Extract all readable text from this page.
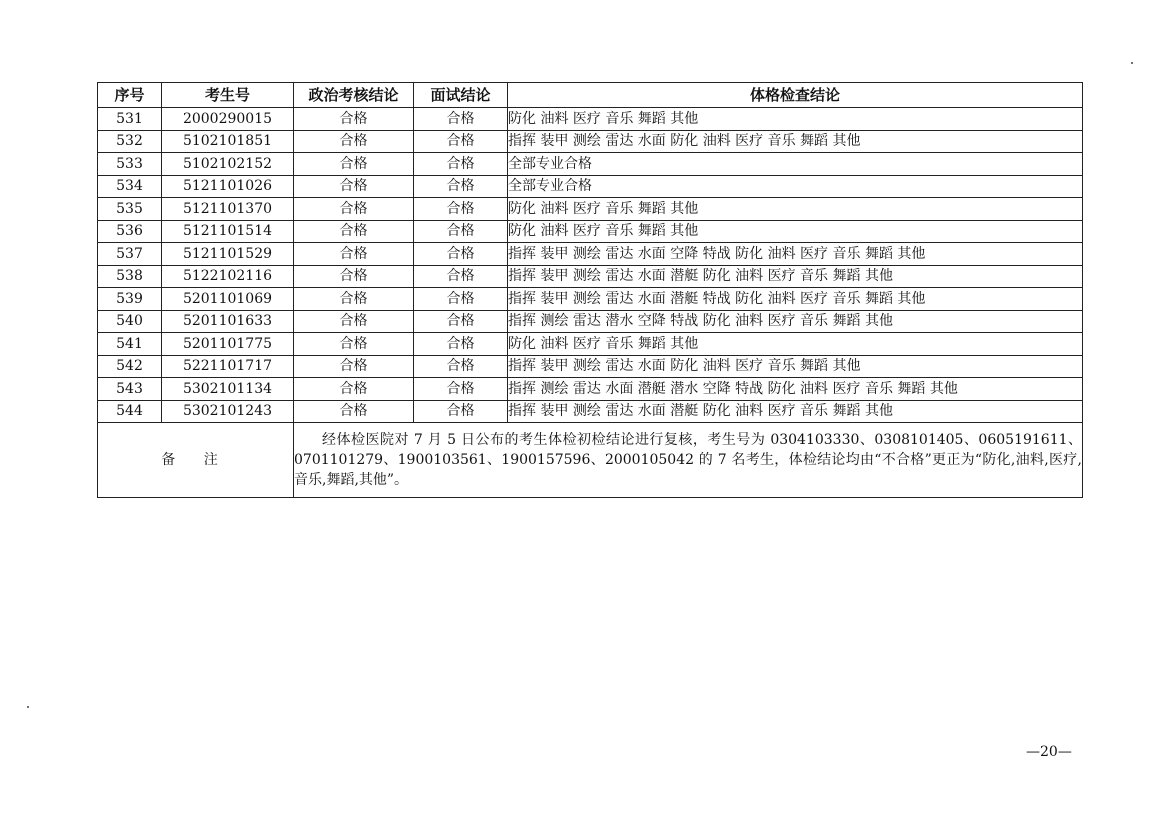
序号	考生号	政治考核结论	面试结论	体格检查结论
531	2000290015	合格	合格	防化 油料 医疗 音乐 舞蹈 其他
532	5102101851	合格	合格	指挥 装甲 测绘 雷达 水面 防化 油料 医疗 音乐 舞蹈 其他
533	5102102152	合格	合格	全部专业合格
534	5121101026	合格	合格	全部专业合格
535	5121101370	合格	合格	防化 油料 医疗 音乐 舞蹈 其他
536	5121101514	合格	合格	防化 油料 医疗 音乐 舞蹈 其他
537	5121101529	合格	合格	指挥 装甲 测绘 雷达 水面 空降 特战 防化 油料 医疗 音乐 舞蹈 其他
538	5122102116	合格	合格	指挥 装甲 测绘 雷达 水面 潜艇 防化 油料 医疗 音乐 舞蹈 其他
539	5201101069	合格	合格	指挥 装甲 测绘 雷达 水面 潜艇 特战 防化 油料 医疗 音乐 舞蹈 其他
540	5201101633	合格	合格	指挥 测绘 雷达 潜水 空降 特战 防化 油料 医疗 音乐 舞蹈 其他
541	5201101775	合格	合格	防化 油料 医疗 音乐 舞蹈 其他
542	5221101717	合格	合格	指挥 装甲 测绘 雷达 水面 防化 油料 医疗 音乐 舞蹈 其他
543	5302101134	合格	合格	指挥 测绘 雷达 水面 潜艇 潜水 空降 特战 防化 油料 医疗 音乐 舞蹈 其他
544	5302101243	合格	合格	指挥 装甲 测绘 雷达 水面 潜艇 防化 油料 医疗 音乐 舞蹈 其他
备 注		经体检医院对 7 月 5 日公布的考生体检初检结论进行复核，考生号为 0304103330、0308101405、0605191611、0701101279、1900103561、1900157596、2000105042 的 7 名考生，体检结论均由“不合格”更正为“防化,油料,医疗,音乐,舞蹈,其他”。		
—20—
